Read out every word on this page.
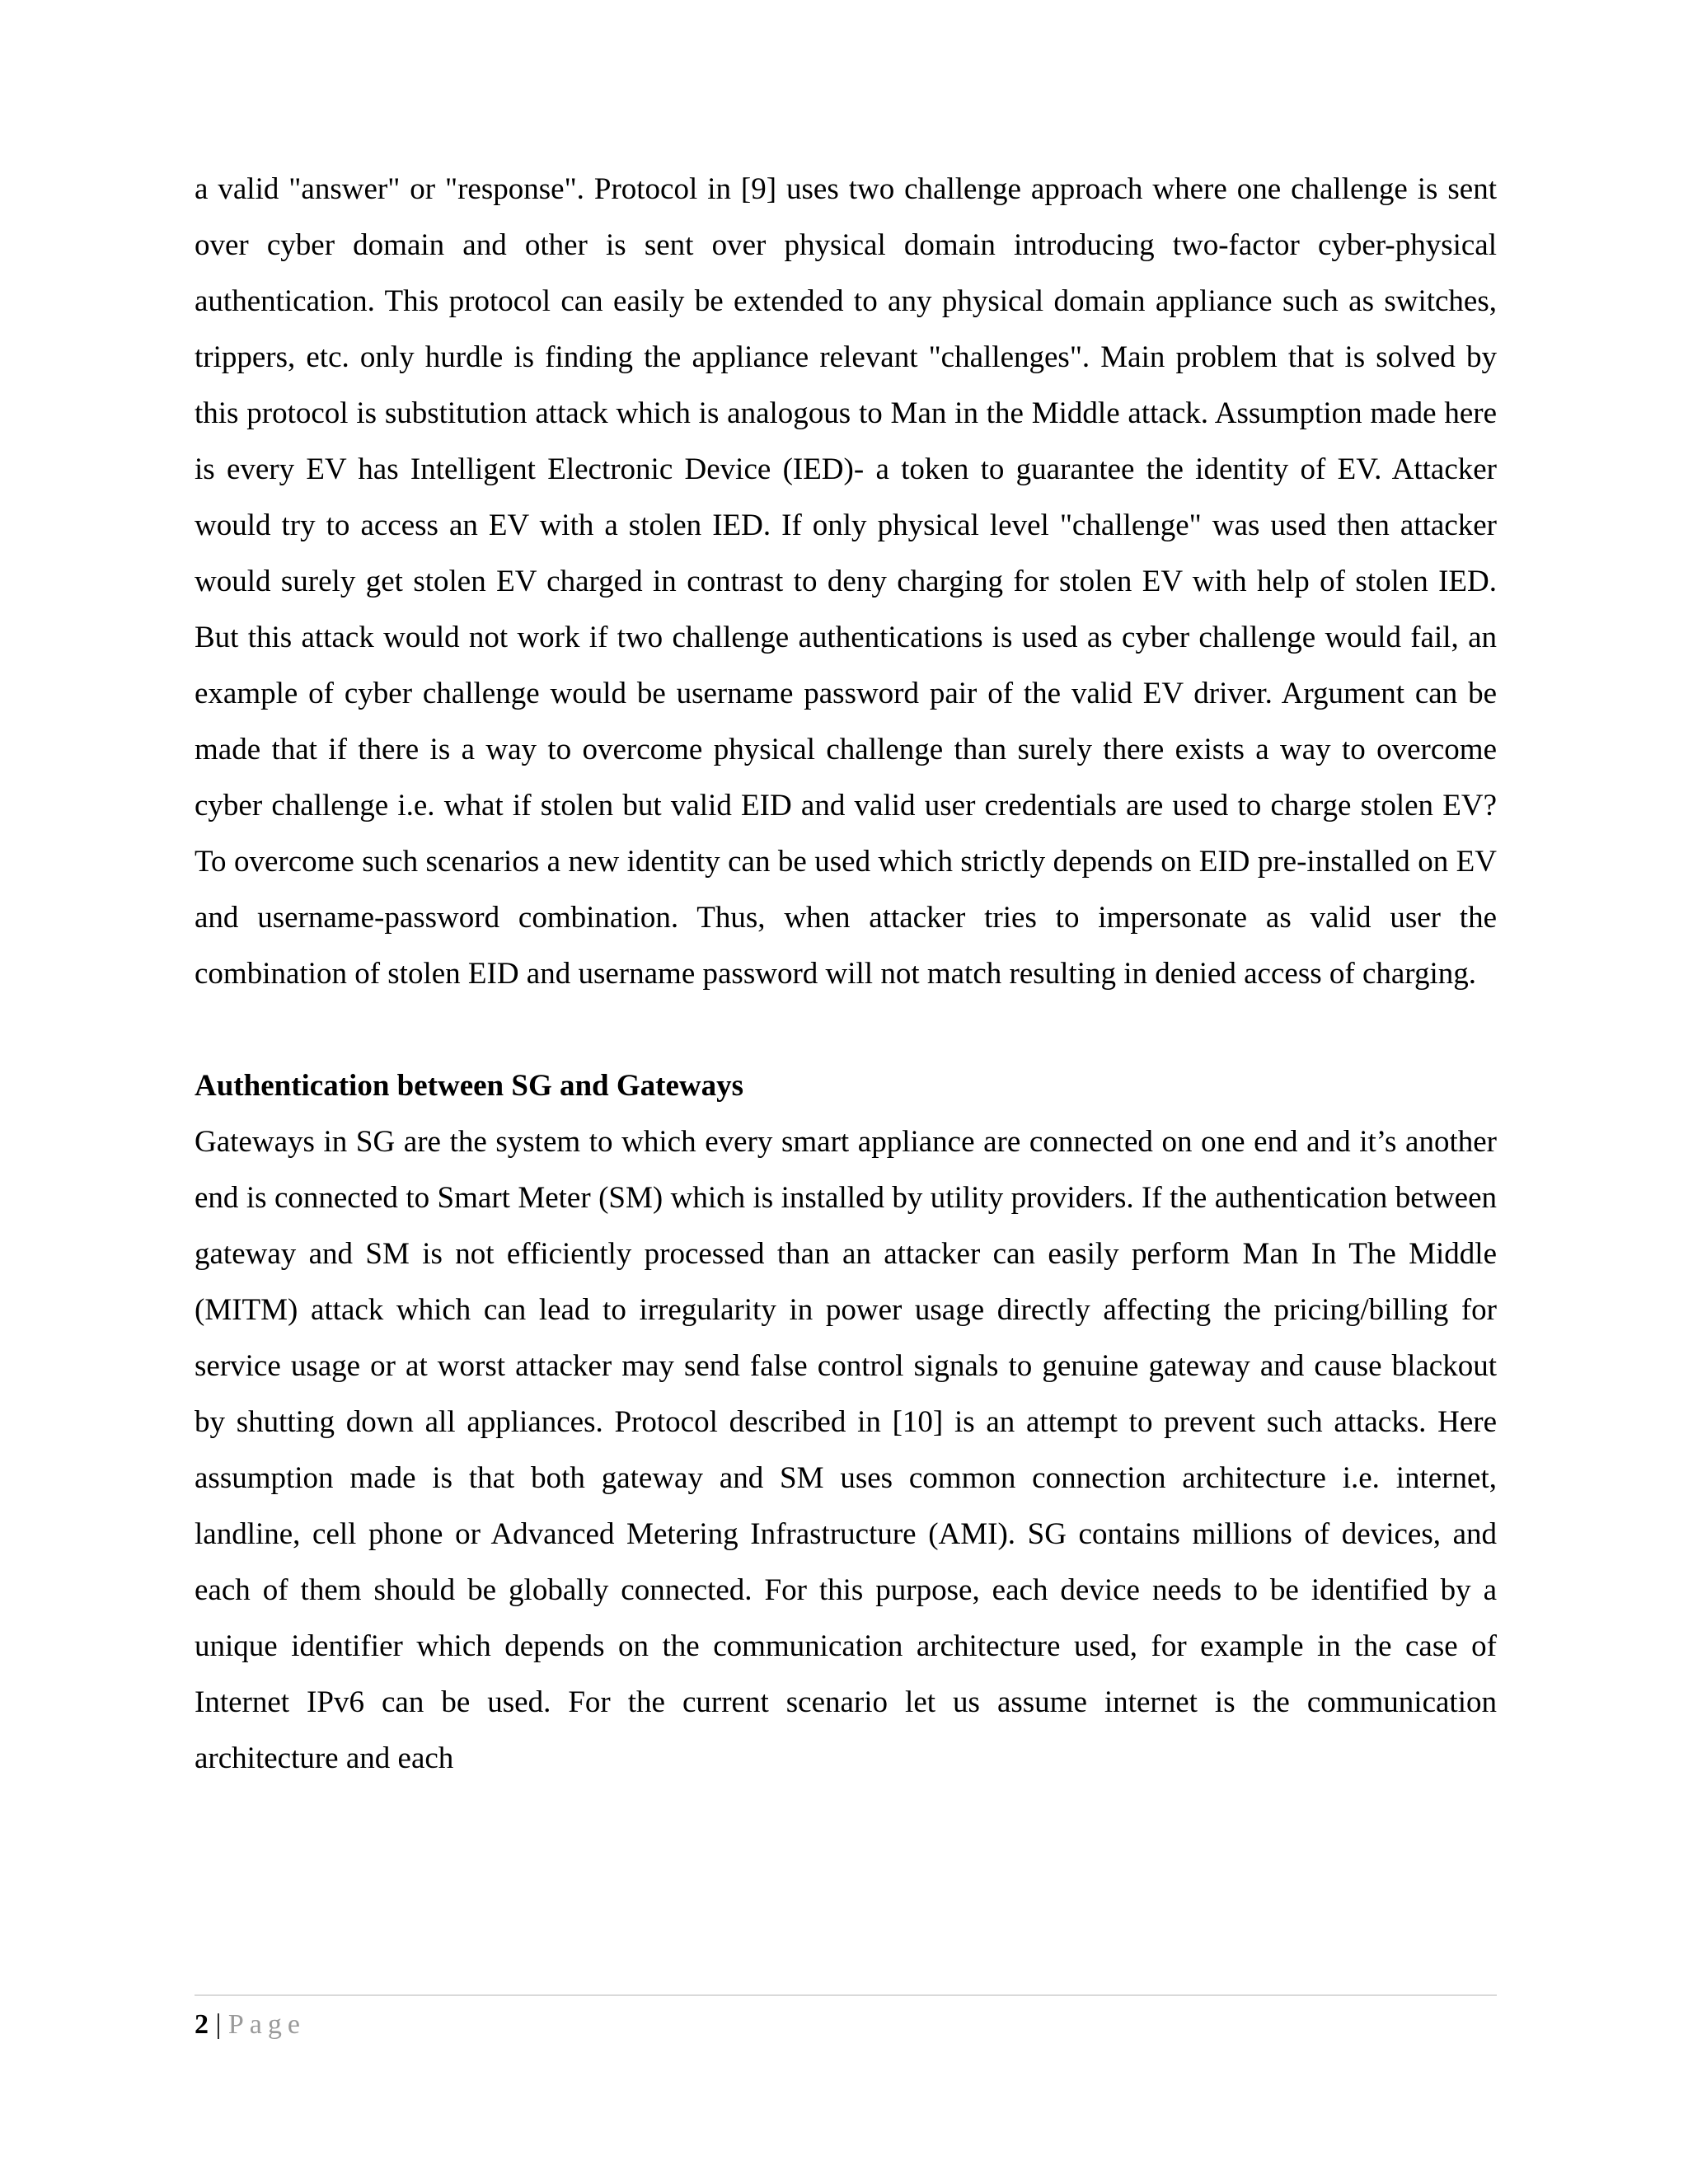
a valid "answer" or "response". Protocol in [9] uses two challenge approach where one challenge is sent over cyber domain and other is sent over physical domain introducing two-factor cyber-physical authentication. This protocol can easily be extended to any physical domain appliance such as switches, trippers, etc. only hurdle is finding the appliance relevant "challenges". Main problem that is solved by this protocol is substitution attack which is analogous to Man in the Middle attack. Assumption made here is every EV has Intelligent Electronic Device (IED)- a token to guarantee the identity of EV. Attacker would try to access an EV with a stolen IED. If only physical level "challenge" was used then attacker would surely get stolen EV charged in contrast to deny charging for stolen EV with help of stolen IED. But this attack would not work if two challenge authentications is used as cyber challenge would fail, an example of cyber challenge would be username password pair of the valid EV driver. Argument can be made that if there is a way to overcome physical challenge than surely there exists a way to overcome cyber challenge i.e. what if stolen but valid EID and valid user credentials are used to charge stolen EV? To overcome such scenarios a new identity can be used which strictly depends on EID pre-installed on EV and username-password combination. Thus, when attacker tries to impersonate as valid user the combination of stolen EID and username password will not match resulting in denied access of charging.

Authentication between SG and Gateways

Gateways in SG are the system to which every smart appliance are connected on one end and it’s another end is connected to Smart Meter (SM) which is installed by utility providers. If the authentication between gateway and SM is not efficiently processed than an attacker can easily perform Man In The Middle (MITM) attack which can lead to irregularity in power usage directly affecting the pricing/billing for service usage or at worst attacker may send false control signals to genuine gateway and cause blackout by shutting down all appliances. Protocol described in [10] is an attempt to prevent such attacks. Here assumption made is that both gateway and SM uses common connection architecture i.e. internet, landline, cell phone or Advanced Metering Infrastructure (AMI). SG contains millions of devices, and each of them should be globally connected. For this purpose, each device needs to be identified by a unique identifier which depends on the communication architecture used, for example in the case of Internet IPv6 can be used. For the current scenario let us assume internet is the communication architecture and each

2 | Page
